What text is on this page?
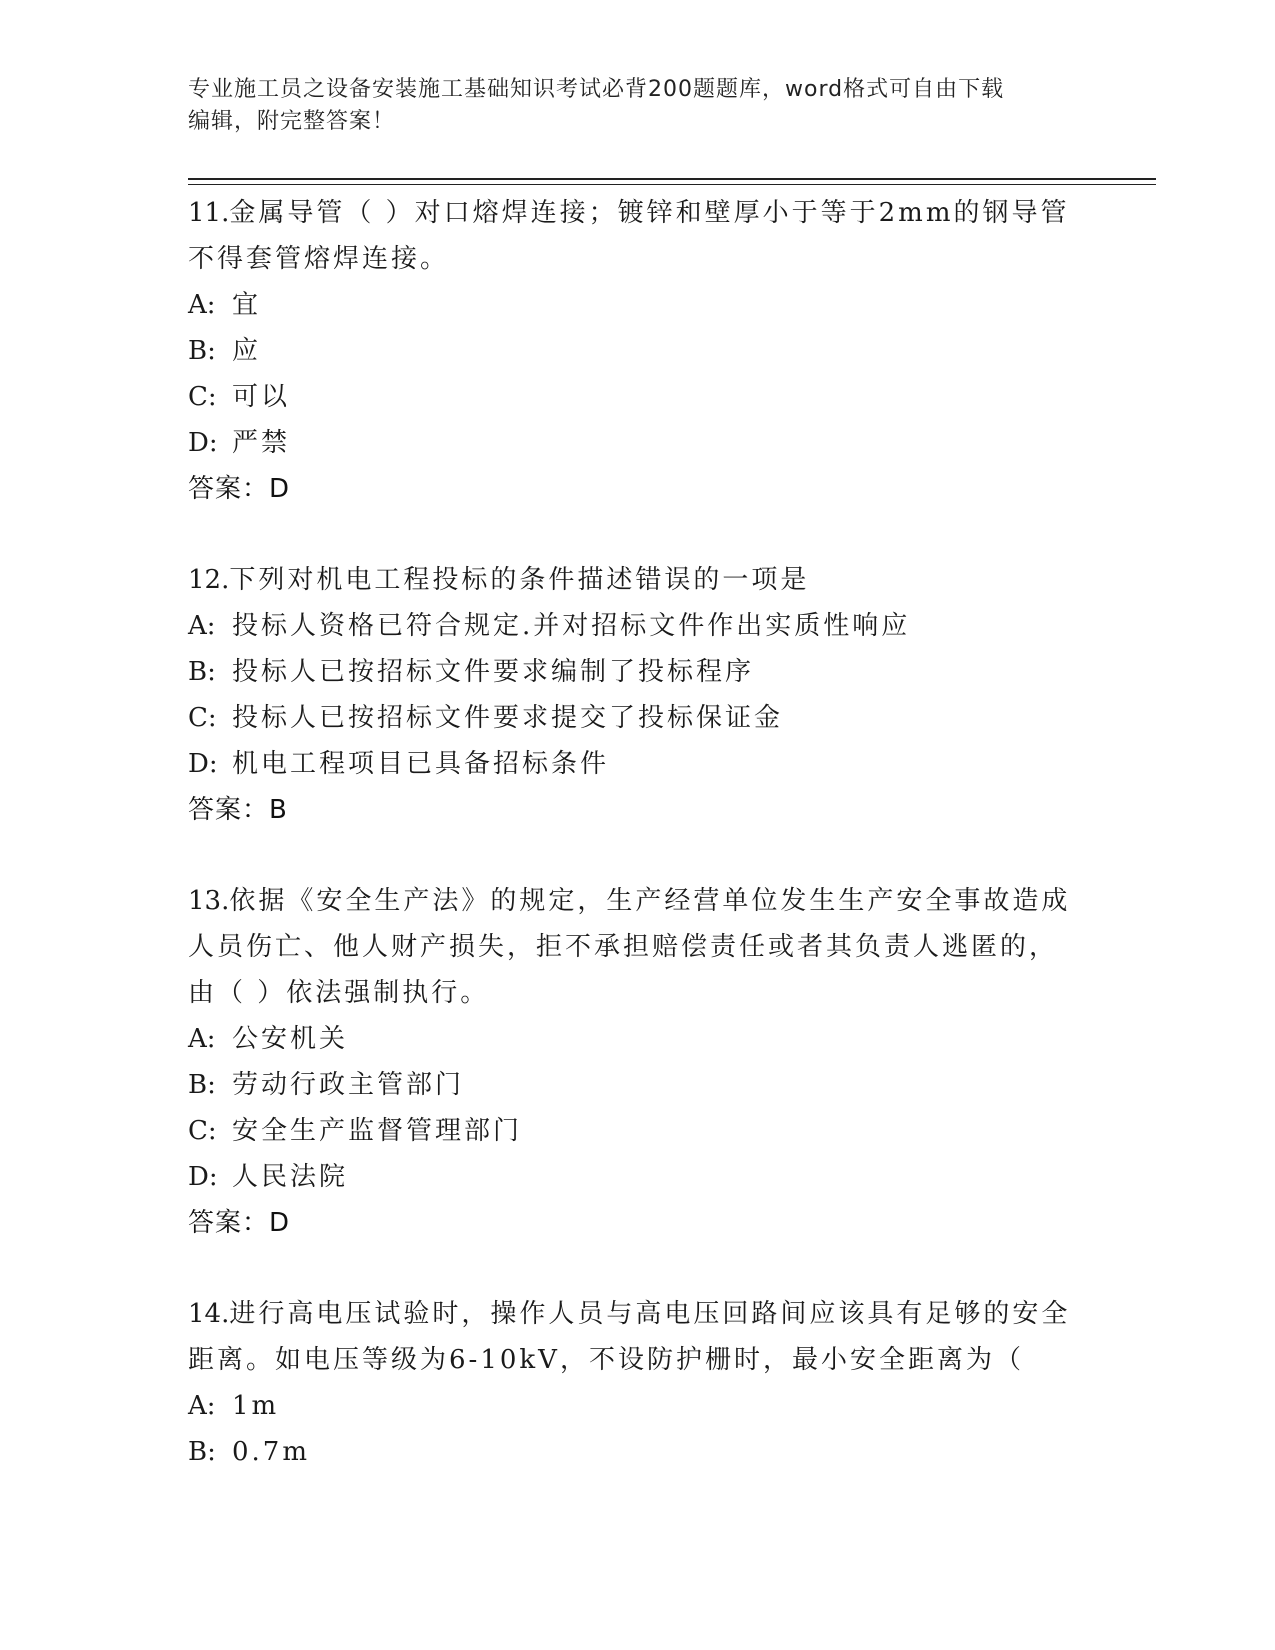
专业施工员之设备安装施工基础知识考试必背200题题库，word格式可自由下载
编辑，附完整答案！

11.金属导管（ ）对口熔焊连接；镀锌和壁厚小于等于2mm的钢导管

不得套管熔焊连接。

A: 宜

B: 应

C: 可以

D: 严禁

答案：D

12.下列对机电工程投标的条件描述错误的一项是

A: 投标人资格已符合规定.并对招标文件作出实质性响应

B: 投标人已按招标文件要求编制了投标程序

C: 投标人已按招标文件要求提交了投标保证金

D: 机电工程项目已具备招标条件

答案：B

13.依据《安全生产法》的规定，生产经营单位发生生产安全事故造成

人员伤亡、他人财产损失，拒不承担赔偿责任或者其负责人逃匿的，

由（ ）依法强制执行。

A: 公安机关

B: 劳动行政主管部门

C: 安全生产监督管理部门

D: 人民法院

答案：D

14.进行高电压试验时，操作人员与高电压回路间应该具有足够的安全

距离。如电压等级为6-10kV，不设防护栅时，最小安全距离为（

A: 1m

B: 0.7m
